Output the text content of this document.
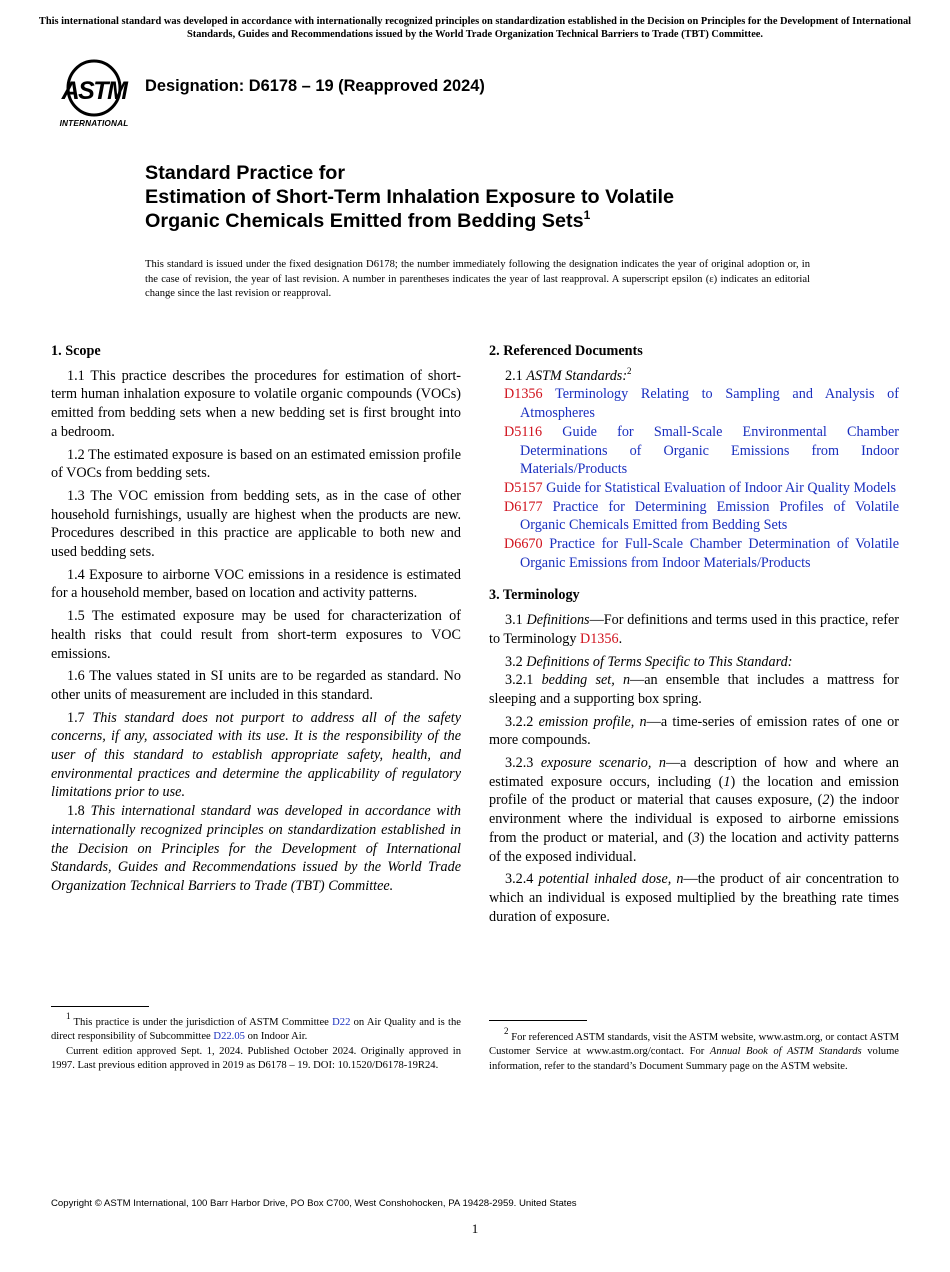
This international standard was developed in accordance with internationally recognized principles on standardization established in the Decision on Principles for the Development of International Standards, Guides and Recommendations issued by the World Trade Organization Technical Barriers to Trade (TBT) Committee.
ASTM
INTERNATIONAL
Designation: D6178 – 19 (Reapproved 2024)
Standard Practice for
Estimation of Short-Term Inhalation Exposure to Volatile
Organic Chemicals Emitted from Bedding Sets$^1$
This standard is issued under the fixed designation D6178; the number immediately following the designation indicates the year of original adoption or, in the case of revision, the year of last revision. A number in parentheses indicates the year of last reapproval. A superscript epsilon (ε) indicates an editorial change since the last revision or reapproval.
1. Scope

1.1 This practice describes the procedures for estimation of short-term human inhalation exposure to volatile organic compounds (VOCs) emitted from bedding sets when a new bedding set is first brought into a bedroom.

1.2 The estimated exposure is based on an estimated emission profile of VOCs from bedding sets.

1.3 The VOC emission from bedding sets, as in the case of other household furnishings, usually are highest when the products are new. Procedures described in this practice are applicable to both new and used bedding sets.

1.4 Exposure to airborne VOC emissions in a residence is estimated for a household member, based on location and activity patterns.

1.5 The estimated exposure may be used for characterization of health risks that could result from short-term exposures to VOC emissions.

1.6 The values stated in SI units are to be regarded as standard. No other units of measurement are included in this standard.

1.7 This standard does not purport to address all of the safety concerns, if any, associated with its use. It is the responsibility of the user of this standard to establish appropriate safety, health, and environmental practices and determine the applicability of regulatory limitations prior to use.

1.8 This international standard was developed in accordance with internationally recognized principles on standardization established in the Decision on Principles for the Development of International Standards, Guides and Recommendations issued by the World Trade Organization Technical Barriers to Trade (TBT) Committee.

2. Referenced Documents

2.1 ASTM Standards:$^2$

D1356 Terminology Relating to Sampling and Analysis of Atmospheres

D5116 Guide for Small-Scale Environmental Chamber Determinations of Organic Emissions from Indoor Materials/Products

D5157 Guide for Statistical Evaluation of Indoor Air Quality Models

D6177 Practice for Determining Emission Profiles of Volatile Organic Chemicals Emitted from Bedding Sets

D6670 Practice for Full-Scale Chamber Determination of Volatile Organic Emissions from Indoor Materials/Products

3. Terminology

3.1 Definitions—For definitions and terms used in this practice, refer to Terminology D1356.

3.2 Definitions of Terms Specific to This Standard:

3.2.1 bedding set, n—an ensemble that includes a mattress for sleeping and a supporting box spring.

3.2.2 emission profile, n—a time-series of emission rates of one or more compounds.

3.2.3 exposure scenario, n—a description of how and where an estimated exposure occurs, including (1) the location and emission profile of the product or material that causes exposure, (2) the indoor environment where the individual is exposed to airborne emissions from the product or material, and (3) the location and activity patterns of the exposed individual.

3.2.4 potential inhaled dose, n—the product of air concentration to which an individual is exposed multiplied by the breathing rate times duration of exposure.

$^1$ This practice is under the jurisdiction of ASTM Committee D22 on Air Quality and is the direct responsibility of Subcommittee D22.05 on Indoor Air.

Current edition approved Sept. 1, 2024. Published October 2024. Originally approved in 1997. Last previous edition approved in 2019 as D6178 – 19. DOI: 10.1520/D6178-19R24.

$^2$ For referenced ASTM standards, visit the ASTM website, www.astm.org, or contact ASTM Customer Service at www.astm.org/contact. For Annual Book of ASTM Standards volume information, refer to the standard’s Document Summary page on the ASTM website.

Copyright © ASTM International, 100 Barr Harbor Drive, PO Box C700, West Conshohocken, PA 19428-2959. United States
1
